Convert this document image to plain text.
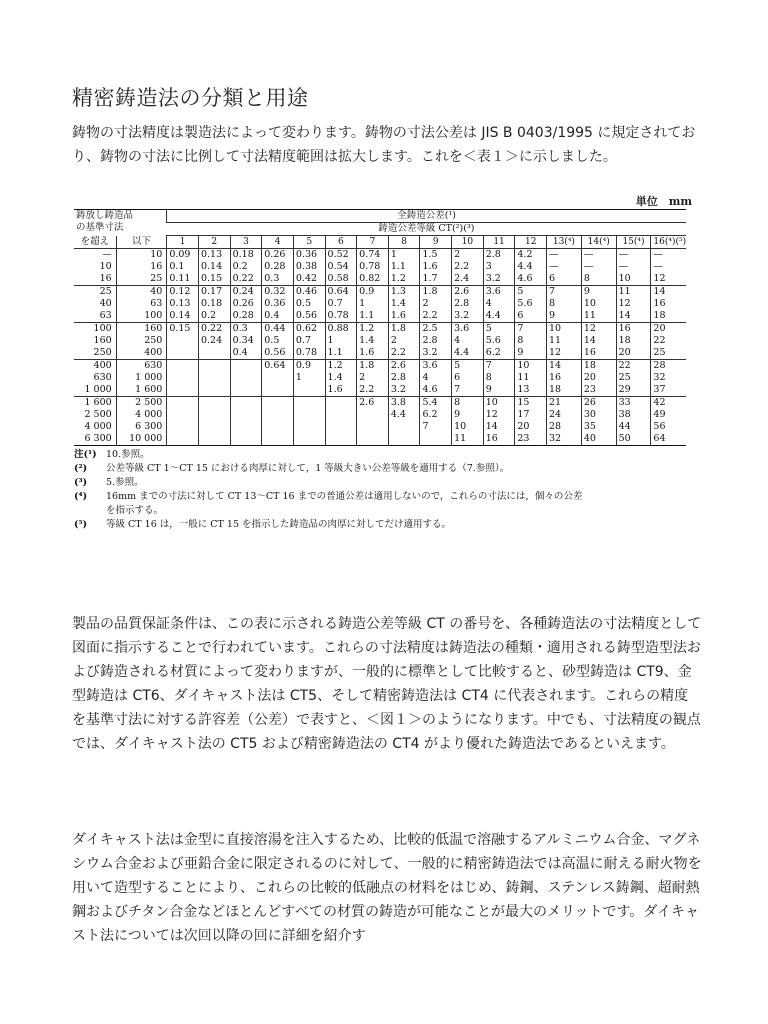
精密鋳造法の分類と用途

鋳物の寸法精度は製造法によって変わります。鋳物の寸法公差は JIS B 0403/1995 に規定されており、鋳物の寸法に比例して寸法精度範囲は拡大します。これを＜表１＞に示しました。

単位　mm
鋳放し鋳造品
の基準寸法		全鋳造公差(¹)															
		鋳造公差等級 CT(²)(³)															
を超え	以下	1	2	3	4	5	6	7	8	9	10	11	12	13(⁴)	14(⁴)	15(⁴)	16(⁴)(⁵)
—	10	0.09	0.13	0.18	0.26	0.36	0.52	0.74	1	1.5	2	2.8	4.2	—	—	—	—
10	16	0.1	0.14	0.2	0.28	0.38	0.54	0.78	1.1	1.6	2.2	3	4.4	—	—	—	—
16	25	0.11	0.15	0.22	0.3	0.42	0.58	0.82	1.2	1.7	2.4	3.2	4.6	6	8	10	12
25	40	0.12	0.17	0.24	0.32	0.46	0.64	0.9	1.3	1.8	2.6	3.6	5	7	9	11	14
40	63	0.13	0.18	0.26	0.36	0.5	0.7	1	1.4	2	2.8	4	5.6	8	10	12	16
63	100	0.14	0.2	0.28	0.4	0.56	0.78	1.1	1.6	2.2	3.2	4.4	6	9	11	14	18
100	160	0.15	0.22	0.3	0.44	0.62	0.88	1.2	1.8	2.5	3.6	5	7	10	12	16	20
160	250		0.24	0.34	0.5	0.7	1	1.4	2	2.8	4	5.6	8	11	14	18	22
250	400			0.4	0.56	0.78	1.1	1.6	2.2	3.2	4.4	6.2	9	12	16	20	25
400	630				0.64	0.9	1.2	1.8	2.6	3.6	5	7	10	14	18	22	28
630	1 000					1	1.4	2	2.8	4	6	8	11	16	20	25	32
1 000	1 600						1.6	2.2	3.2	4.6	7	9	13	18	23	29	37
1 600	2 500							2.6	3.8	5.4	8	10	15	21	26	33	42
2 500	4 000								4.4	6.2	9	12	17	24	30	38	49
4 000	6 300									7	10	14	20	28	35	44	56
6 300	10 000										11	16	23	32	40	50	64
注(¹) 10.参照。
(²)	公差等級 CT 1〜CT 15 における肉厚に対して，1 等級大きい公差等級を適用する（7.参照）。
(³)	5.参照。
(⁴)	16mm までの寸法に対して CT 13〜CT 16 までの普通公差は適用しないので，これらの寸法には，個々の公差
を指示する。
(⁵)	等級 CT 16 は，一般に CT 15 を指示した鋳造品の肉厚に対してだけ適用する。

製品の品質保証条件は、この表に示される鋳造公差等級 CT の番号を、各種鋳造法の寸法精度として図面に指示することで行われています。これらの寸法精度は鋳造法の種類・適用される鋳型造型法および鋳造される材質によって変わりますが、一般的に標準として比較すると、砂型鋳造は CT9、金型鋳造は CT6、ダイキャスト法は CT5、そして精密鋳造法は CT4 に代表されます。これらの精度を基準寸法に対する許容差（公差）で表すと、＜図１＞のようになります。中でも、寸法精度の観点では、ダイキャスト法の CT5 および精密鋳造法の CT4 がより優れた鋳造法であるといえます。

ダイキャスト法は金型に直接溶湯を注入するため、比較的低温で溶融するアルミニウム合金、マグネシウム合金および亜鉛合金に限定されるのに対して、一般的に精密鋳造法では高温に耐える耐火物を用いて造型することにより、これらの比較的低融点の材料をはじめ、鋳鋼、ステンレス鋳鋼、超耐熱鋼およびチタン合金などほとんどすべての材質の鋳造が可能なことが最大のメリットです。ダイキャスト法については次回以降の回に詳細を紹介す
